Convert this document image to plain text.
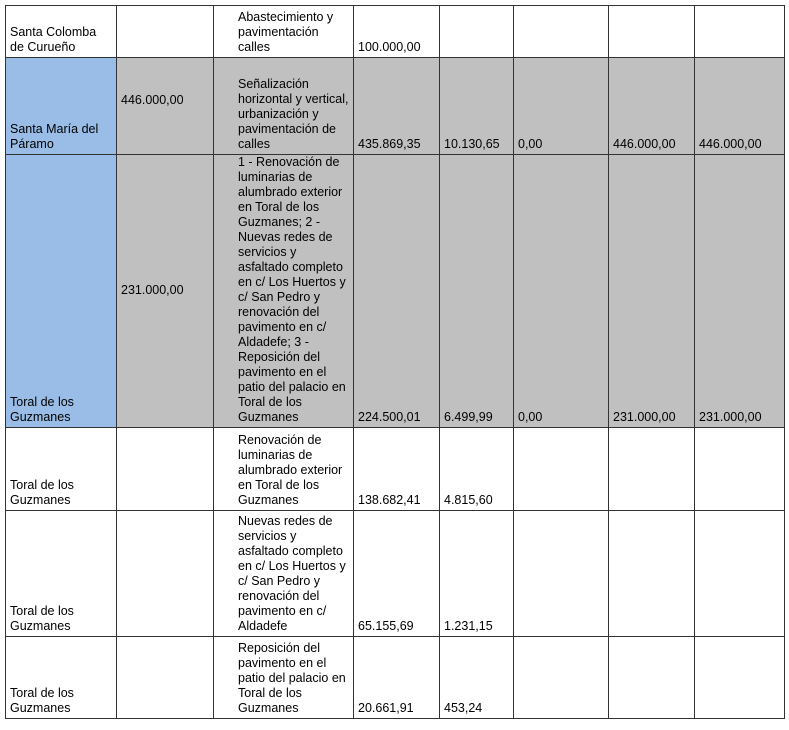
Santa Colomba de Curueño		Abastecimiento y pavimentación calles	100.000,00				
Santa María del Páramo	446.000,00	Señalización horizontal y vertical, urbanización y pavimentación de calles	435.869,35	10.130,65	0,00	446.000,00	446.000,00
Toral de los Guzmanes	231.000,00	1 - Renovación de luminarias de alumbrado exterior en Toral de los Guzmanes; 2 - Nuevas redes de servicios y asfaltado completo en c/ Los Huertos y c/ San Pedro y renovación del pavimento en c/ Aldadefe; 3 - Reposición del pavimento en el patio del palacio en Toral de los Guzmanes	224.500,01	6.499,99	0,00	231.000,00	231.000,00
Toral de los Guzmanes		Renovación de luminarias de alumbrado exterior en Toral de los Guzmanes	138.682,41	4.815,60			
Toral de los Guzmanes		Nuevas redes de servicios y asfaltado completo en c/ Los Huertos y c/ San Pedro y renovación del pavimento en c/ Aldadefe	65.155,69	1.231,15			
Toral de los Guzmanes		Reposición del pavimento en el patio del palacio en Toral de los Guzmanes	20.661,91	453,24			
